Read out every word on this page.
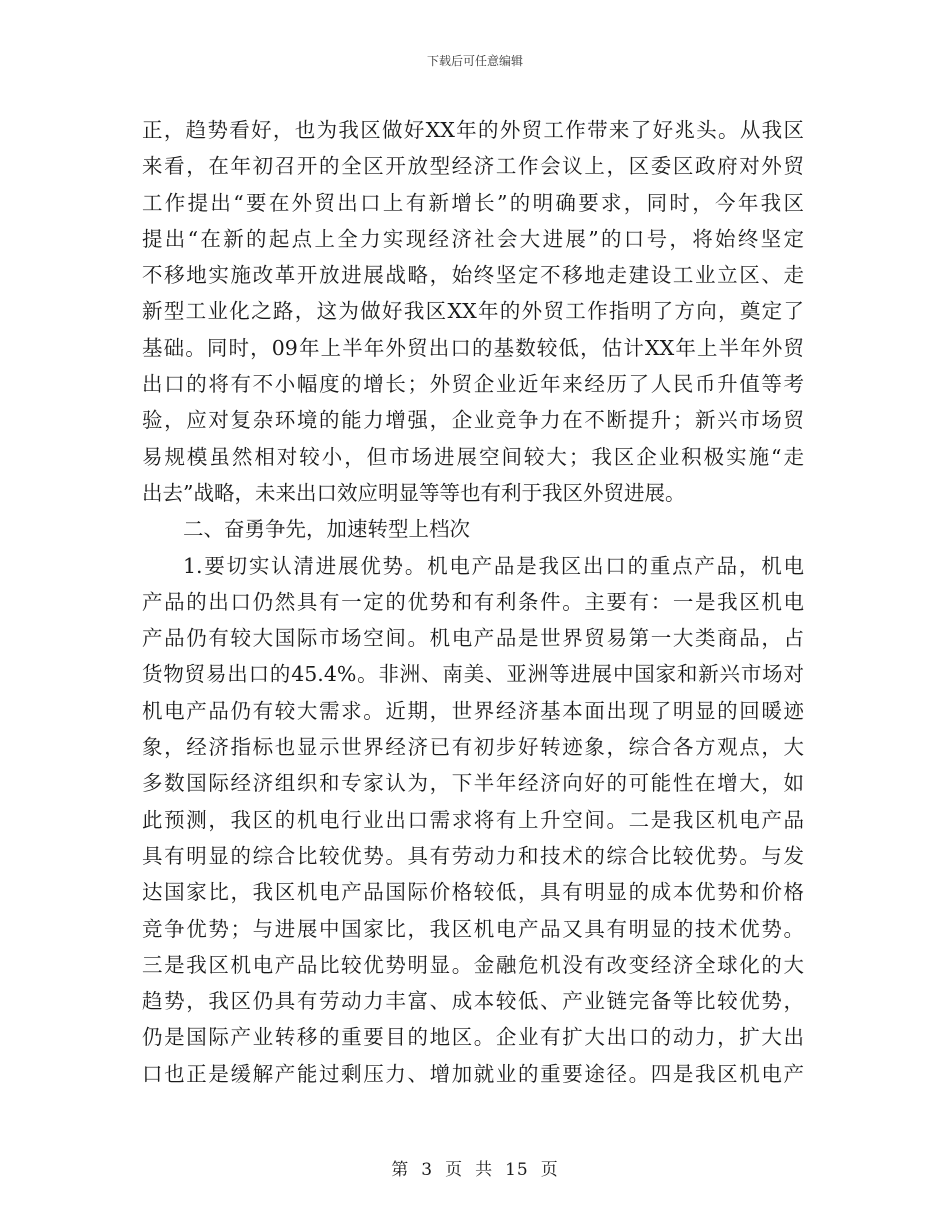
下载后可任意编辑
正，趋势看好，也为我区做好XX年的外贸工作带来了好兆头。从我区
来看，在年初召开的全区开放型经济工作会议上，区委区政府对外贸
工作提出“要在外贸出口上有新增长”的明确要求，同时，今年我区
提出“在新的起点上全力实现经济社会大进展”的口号，将始终坚定
不移地实施改革开放进展战略，始终坚定不移地走建设工业立区、走
新型工业化之路，这为做好我区XX年的外贸工作指明了方向，奠定了
基础。同时，09年上半年外贸出口的基数较低，估计XX年上半年外贸
出口的将有不小幅度的增长；外贸企业近年来经历了人民币升值等考
验，应对复杂环境的能力增强，企业竞争力在不断提升；新兴市场贸
易规模虽然相对较小，但市场进展空间较大；我区企业积极实施“走
出去”战略，未来出口效应明显等等也有利于我区外贸进展。
二、奋勇争先，加速转型上档次
1.要切实认清进展优势。机电产品是我区出口的重点产品，机电
产品的出口仍然具有一定的优势和有利条件。主要有：一是我区机电
产品仍有较大国际市场空间。机电产品是世界贸易第一大类商品，占
货物贸易出口的45.4%。非洲、南美、亚洲等进展中国家和新兴市场对
机电产品仍有较大需求。近期，世界经济基本面出现了明显的回暖迹
象，经济指标也显示世界经济已有初步好转迹象，综合各方观点，大
多数国际经济组织和专家认为，下半年经济向好的可能性在增大，如
此预测，我区的机电行业出口需求将有上升空间。二是我区机电产品
具有明显的综合比较优势。具有劳动力和技术的综合比较优势。与发
达国家比，我区机电产品国际价格较低，具有明显的成本优势和价格
竞争优势；与进展中国家比，我区机电产品又具有明显的技术优势。
三是我区机电产品比较优势明显。金融危机没有改变经济全球化的大
趋势，我区仍具有劳动力丰富、成本较低、产业链完备等比较优势，
仍是国际产业转移的重要目的地区。企业有扩大出口的动力，扩大出
口也正是缓解产能过剩压力、增加就业的重要途径。四是我区机电产
第 3 页 共 15 页
